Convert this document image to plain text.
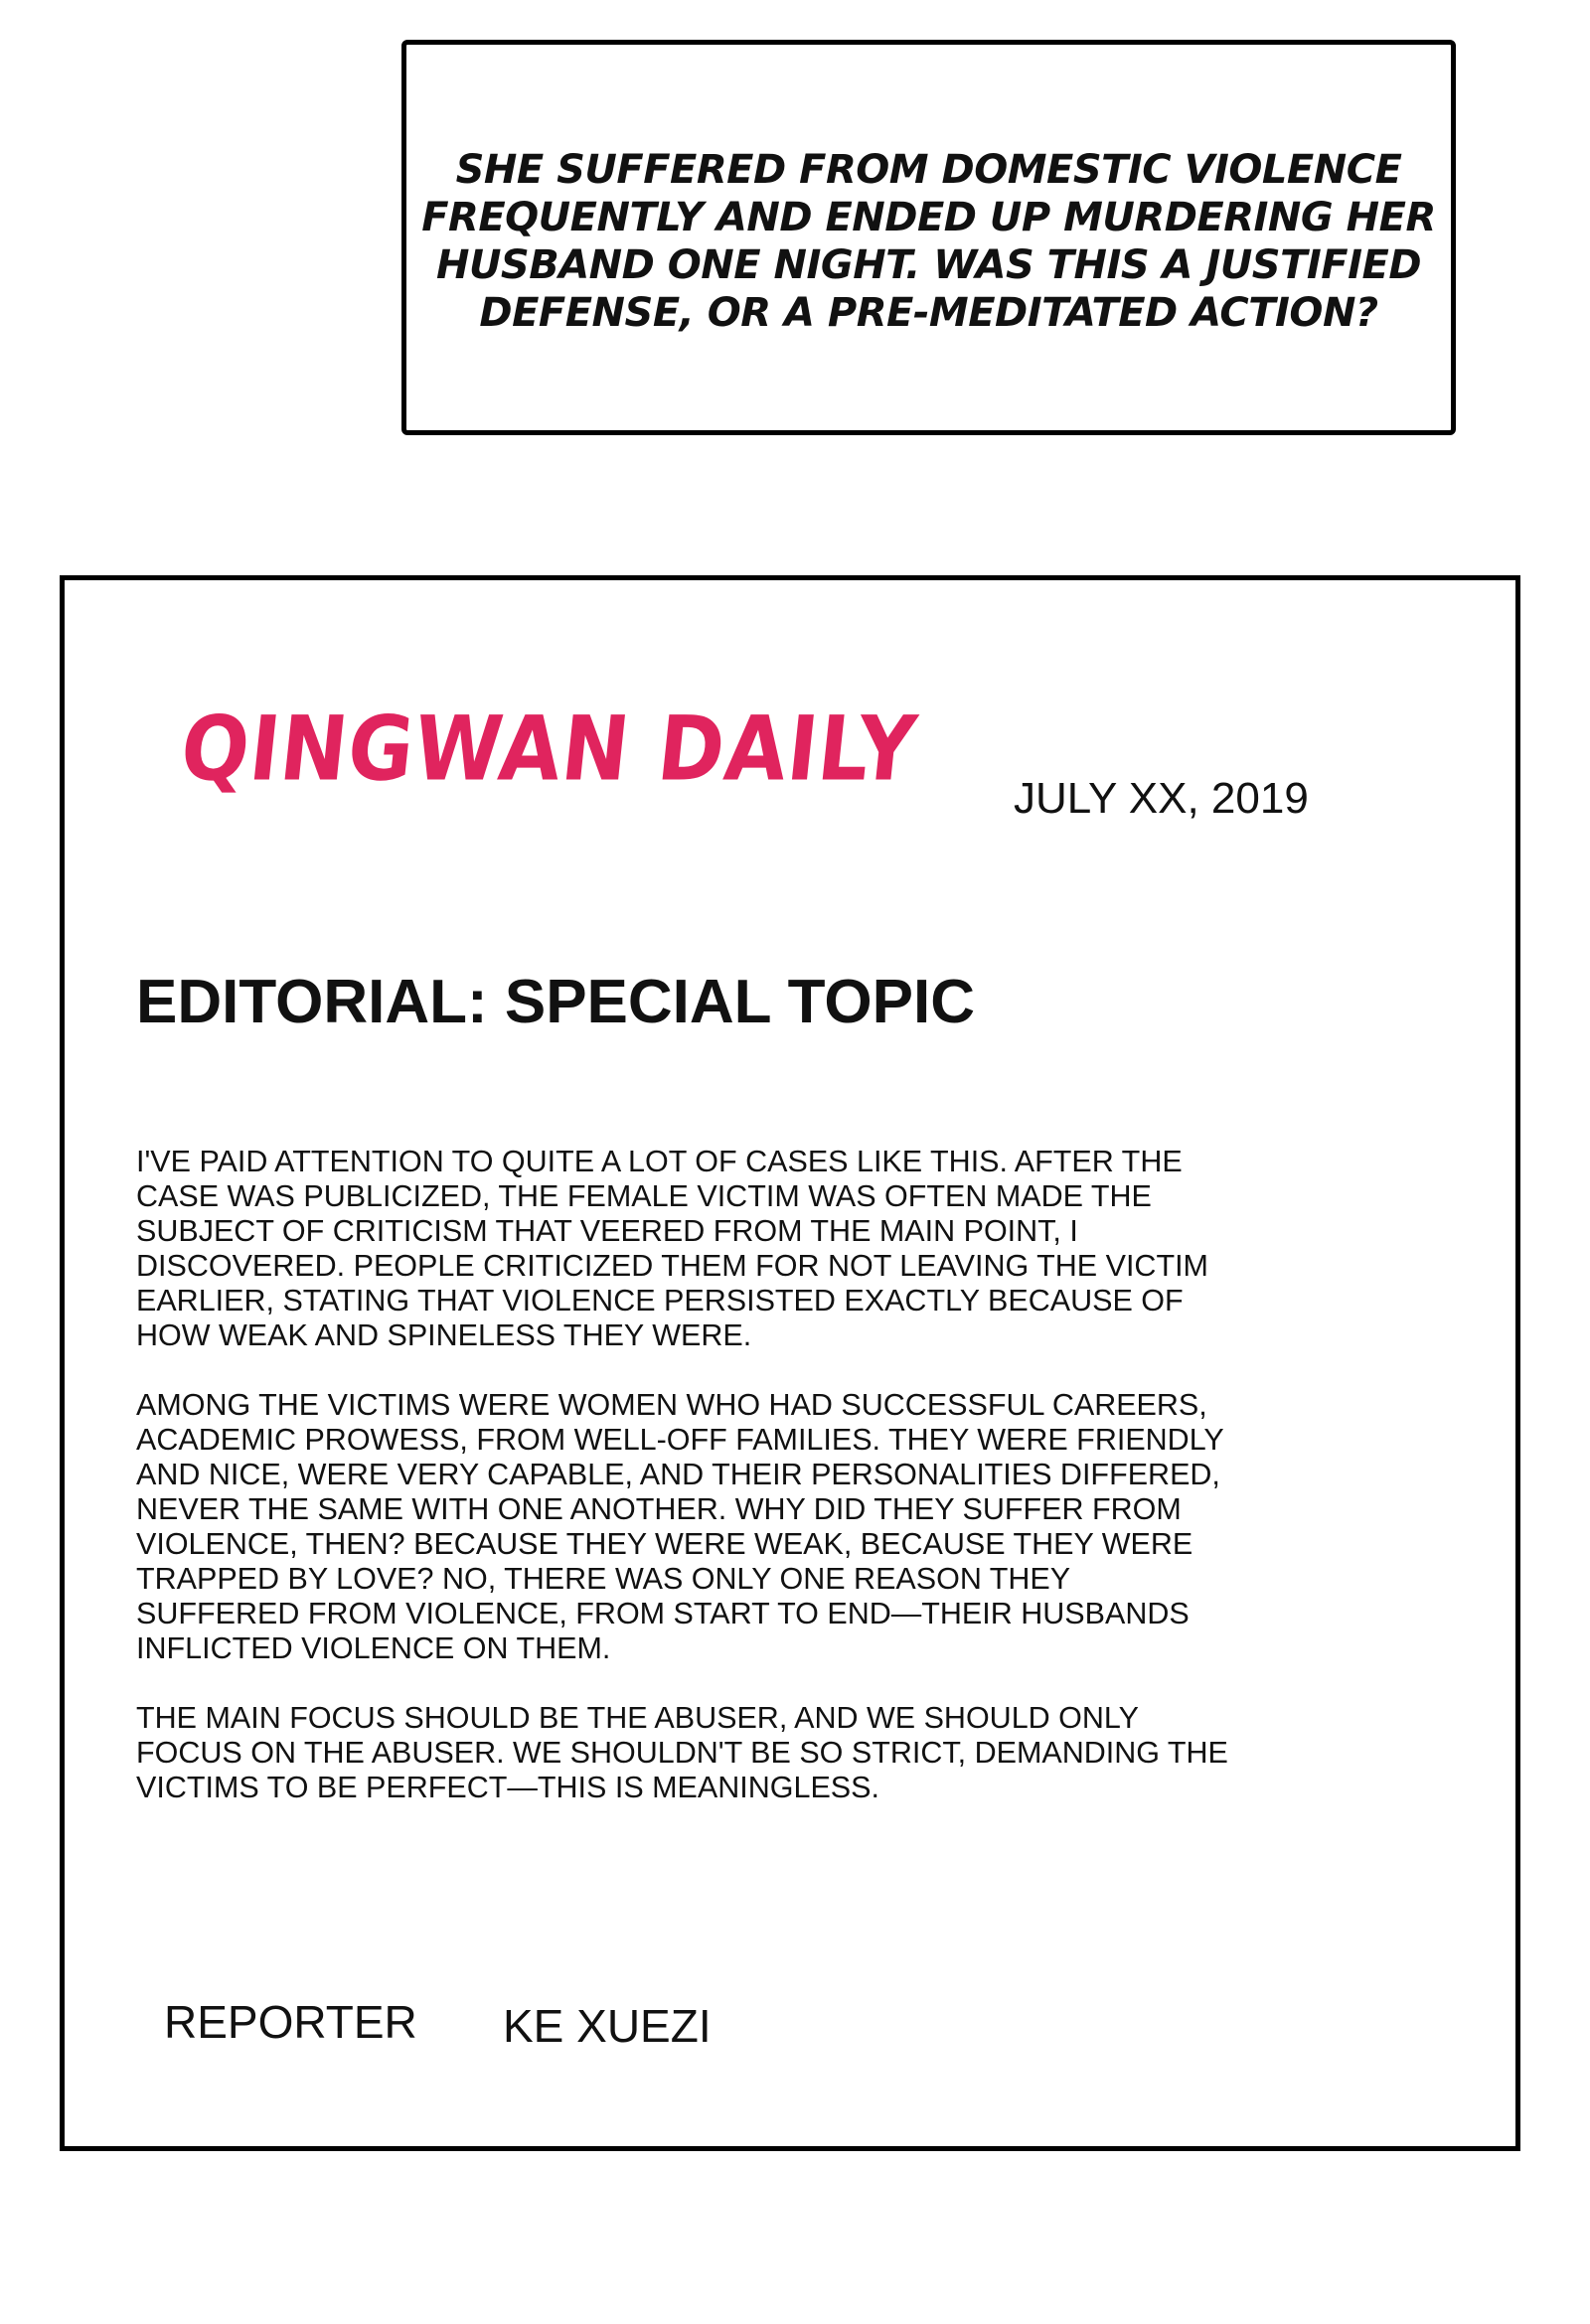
SHE SUFFERED FROM DOMESTIC VIOLENCE
FREQUENTLY AND ENDED UP MURDERING HER
HUSBAND ONE NIGHT. WAS THIS A JUSTIFIED
DEFENSE, OR A PRE-MEDITATED ACTION?
QINGWAN DAILY JULY XX, 2019
EDITORIAL: SPECIAL TOPIC
I'VE PAID ATTENTION TO QUITE A LOT OF CASES LIKE THIS. AFTER THE
CASE WAS PUBLICIZED, THE FEMALE VICTIM WAS OFTEN MADE THE
SUBJECT OF CRITICISM THAT VEERED FROM THE MAIN POINT, I
DISCOVERED. PEOPLE CRITICIZED THEM FOR NOT LEAVING THE VICTIM
EARLIER, STATING THAT VIOLENCE PERSISTED EXACTLY BECAUSE OF
HOW WEAK AND SPINELESS THEY WERE.
AMONG THE VICTIMS WERE WOMEN WHO HAD SUCCESSFUL CAREERS,
ACADEMIC PROWESS, FROM WELL-OFF FAMILIES. THEY WERE FRIENDLY
AND NICE, WERE VERY CAPABLE, AND THEIR PERSONALITIES DIFFERED,
NEVER THE SAME WITH ONE ANOTHER. WHY DID THEY SUFFER FROM
VIOLENCE, THEN? BECAUSE THEY WERE WEAK, BECAUSE THEY WERE
TRAPPED BY LOVE? NO, THERE WAS ONLY ONE REASON THEY
SUFFERED FROM VIOLENCE, FROM START TO END—THEIR HUSBANDS
INFLICTED VIOLENCE ON THEM.
THE MAIN FOCUS SHOULD BE THE ABUSER, AND WE SHOULD ONLY
FOCUS ON THE ABUSER. WE SHOULDN'T BE SO STRICT, DEMANDING THE
VICTIMS TO BE PERFECT—THIS IS MEANINGLESS.
REPORTER KE XUEZI
